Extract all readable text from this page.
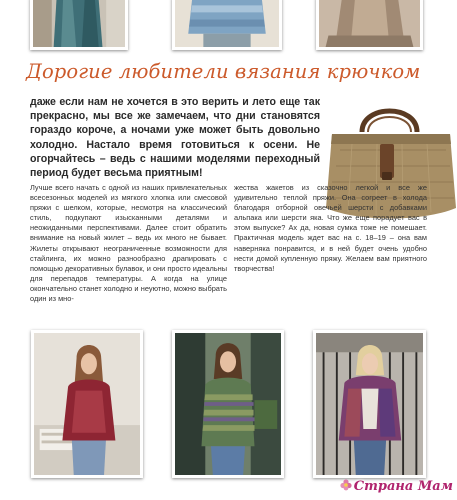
Дорогие любители вязания крючком
даже если нам не хочется в это верить и лето еще так прекрасно, мы все же замечаем, что дни становятся гораздо короче, а ночами уже может быть довольно холодно. Настало время готовиться к осени. Не огорчайтесь – ведь с нашими моделями переходный период будет весьма приятным!
Лучше всего начать с одной из наших привлекательных всесезонных моделей из мягкого хлопка или смесовой пряжи с шелком, которые, несмотря на классический стиль, подкупают изысканными деталями и неожиданными перспективами. Далее стоит обратить внимание на новый жилет – ведь их много не бывает. Жилеты открывают неограниченные возможности для стайлинга, их можно разнообразно драпировать с помощью декоративных булавок, и они просто идеальны для перепадов температуры. А когда на улице окончательно станет холодно и неуютно, можно выбрать один из мно-
жества жакетов из сказочно легкой и все же удивительно теплой пряжи. Она согреет в холода благодаря отборной овечьей шерсти с добавками альпака или шерсти яка. Что же еще порадует вас в этом выпуске? Ах да, новая сумка тоже не помешает. Практичная модель ждет вас на с. 18–19 – она вам наверняка понравится, и в ней будет очень удобно нести домой купленную пряжу. Желаем вам приятного творчества!
Страна Мам
